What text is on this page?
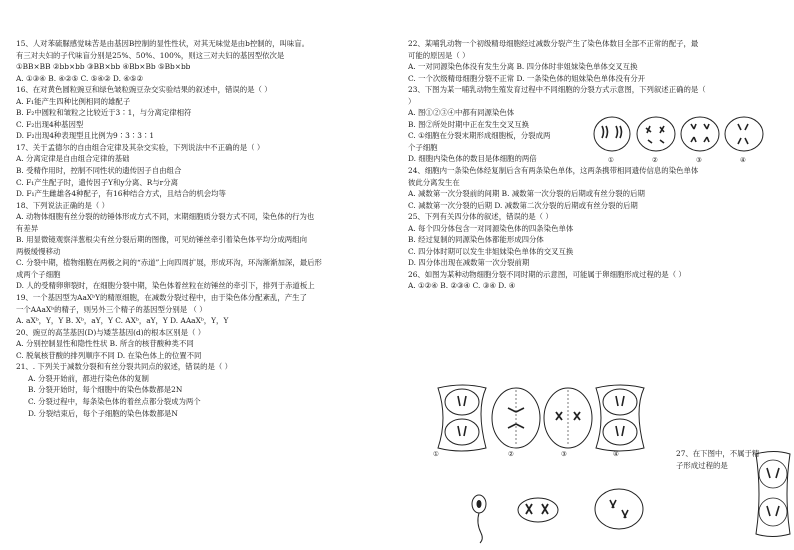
15、人对苯硫脲感觉味苦是由基因B控制的显性性状，对其无味觉是由b控制的，叫味盲。
有三对夫妇的子代味盲分别是25%、50%、100%，则这三对夫妇的基因型依次是
①BB×BB ②bb×bb ③BB×bb ④Bb×Bb ⑤Bb×bb
A. ①③④ B. ④②⑤ C. ⑤④② D. ④⑤②
16、在对黄色圆粒豌豆和绿色皱粒豌豆杂交实验结果的叙述中，错误的是（ ）
A. F₁能产生四种比例相同的雄配子
B. F₂中圆粒和皱粒之比较近于3∶1，与分离定律相符
C. F₂出现4种基因型
D. F₂出现4种表现型且比例为9∶3∶3∶1
17、关于孟德尔的自由组合定律及其杂交实验，下列说法中不正确的是（ ）
A. 分离定律是自由组合定律的基础
B. 受精作用时，控制不同性状的遗传因子自由组合
C. F₁产生配子时，遗传因子Y和y分离、R与r分离
D. F₁产生雌雄各4种配子，有16种结合方式，且结合的机会均等
18、下列说法正确的是（ ）
A. 动物体细胞有丝分裂的纺锤体形成方式不同，末期细胞质分裂方式不同，染色体的行为也
有差异
B. 用显微镜观察洋葱根尖有丝分裂后期的图像，可见纺锤丝牵引着染色体平均分成两组向
两极缓慢移动
C. 分裂中期，植物细胞在两极之间的“赤道”上向四周扩展，形成环沟，环沟渐渐加深，最后形
成两个子细胞
D. 人的受精卵卵裂时，在细胞分裂中期，染色体着丝粒在纺锤丝的牵引下，排列于赤道板上
19、一个基因型为AaXᵇY的精原细胞，在减数分裂过程中，由于染色体分配紊乱，产生了
一个AAaXᵇ的精子，则另外三个精子的基因型分别是 （ ）
A. aXᵇ，Y，Y B. Xᵇ，aY，Y C. AXᵇ，aY，Y D. AAaXᵇ，Y，Y
20、豌豆的高茎基因(D)与矮茎基因(d)的根本区别是（ ）
A. 分别控制显性和隐性性状 B. 所含的核苷酸种类不同
C. 脱氧核苷酸的排列顺序不同 D. 在染色体上的位置不同
21、. 下列关于减数分裂和有丝分裂共同点的叙述，错误的是（ ）
A. 分裂开始前，都进行染色体的复制
B. 分裂开始时，每个细胞中的染色体数都是2N
C. 分裂过程中，每条染色体的着丝点都分裂成为两个
D. 分裂结束后，每个子细胞的染色体数都是N
22、某哺乳动物一个初级精母细胞经过减数分裂产生了染色体数目全部不正常的配子，最
可能的原因是（ ）
A. 一对同源染色体没有发生分离 B. 四分体时非姐妹染色单体交叉互换
C. 一个次级精母细胞分裂不正常 D. 一条染色体的姐妹染色单体没有分开
23、下图为某一哺乳动物生殖发育过程中不同细胞的分裂方式示意图，下列叙述正确的是（
）
A. 图①②③④中都有同源染色体
B. 图②所处时期中正在发生交叉互换
C. ①细胞在分裂末期形成细胞板，分裂成两
个子细胞
D. 细胞内染色体的数目是体细胞的两倍
24、细胞内一条染色体经复制后含有两条染色单体，这两条携带相同遗传信息的染色单体
彼此分离发生在
A. 减数第一次分裂前的间期 B. 减数第一次分裂的后期或有丝分裂的后期
C. 减数第一次分裂的后期 D. 减数第二次分裂的后期或有丝分裂的后期
25、下列有关四分体的叙述，错误的是（ ）
A. 每个四分体包含一对同源染色体的四条染色单体
B. 经过复制的同源染色体都能形成四分体
C. 四分体时期可以发生非姐妹染色单体的交叉互换
D. 四分体出现在减数第一次分裂前期
26、如图为某种动物细胞分裂不同时期的示意图，可能属于卵细胞形成过程的是（ ）
A. ①②④ B. ②③④ C. ③④ D. ④
①	②	③	④
①	②	③	④	27、在下图中，不属于精
子形成过程的是
